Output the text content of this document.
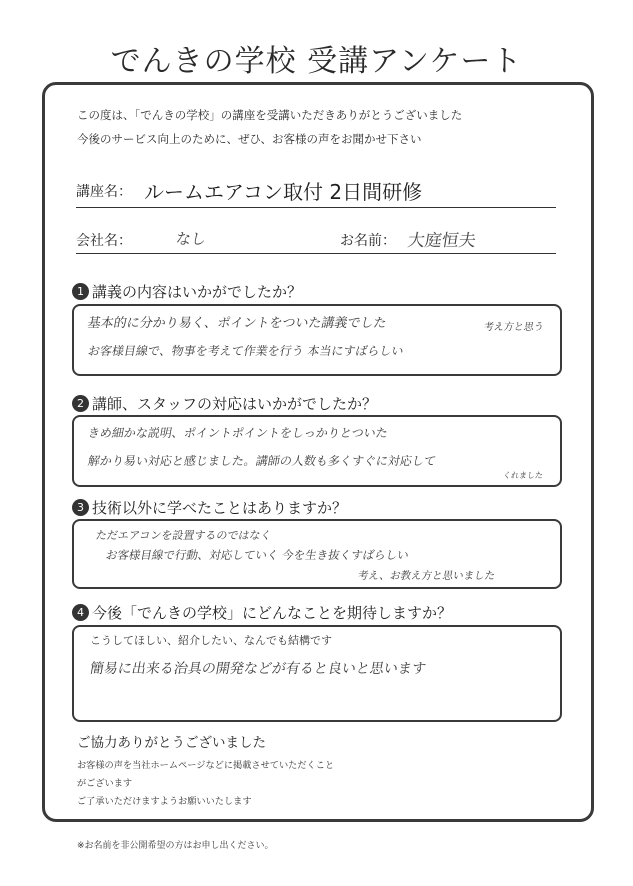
でんきの学校 受講アンケート
この度は、「でんきの学校」の講座を受講いただきありがとうございました
今後のサービス向上のために、ぜひ、お客様の声をお聞かせ下さい
講座名： ルームエアコン取付 2日間研修
会社名：	なし	お名前： 大庭恒夫
1 講義の内容はいかがでしたか？
基本的に分かり易く、ポイントをついた講義でした	考え方と思う
お客様目線で、物事を考えて作業を行う 本当にすばらしい
2 講師、スタッフの対応はいかがでしたか？
きめ細かな説明、ポイントポイントをしっかりとついた
解かり易い対応と感じました。講師の人数も多くすぐに対応して
くれました
3 技術以外に学べたことはありますか？
ただエアコンを設置するのではなく
お客様目線で行動、対応していく 今を生き抜くすばらしい
考え、お教え方と思いました
4 今後「でんきの学校」にどんなことを期待しますか？
こうしてほしい、紹介したい、なんでも結構です
簡易に出来る治具の開発などが有ると良いと思います
ご協力ありがとうございました
お客様の声を当社ホームページなどに掲載させていただくこと
がございます
ご了承いただけますようお願いいたします
※お名前を非公開希望の方はお申し出ください。
